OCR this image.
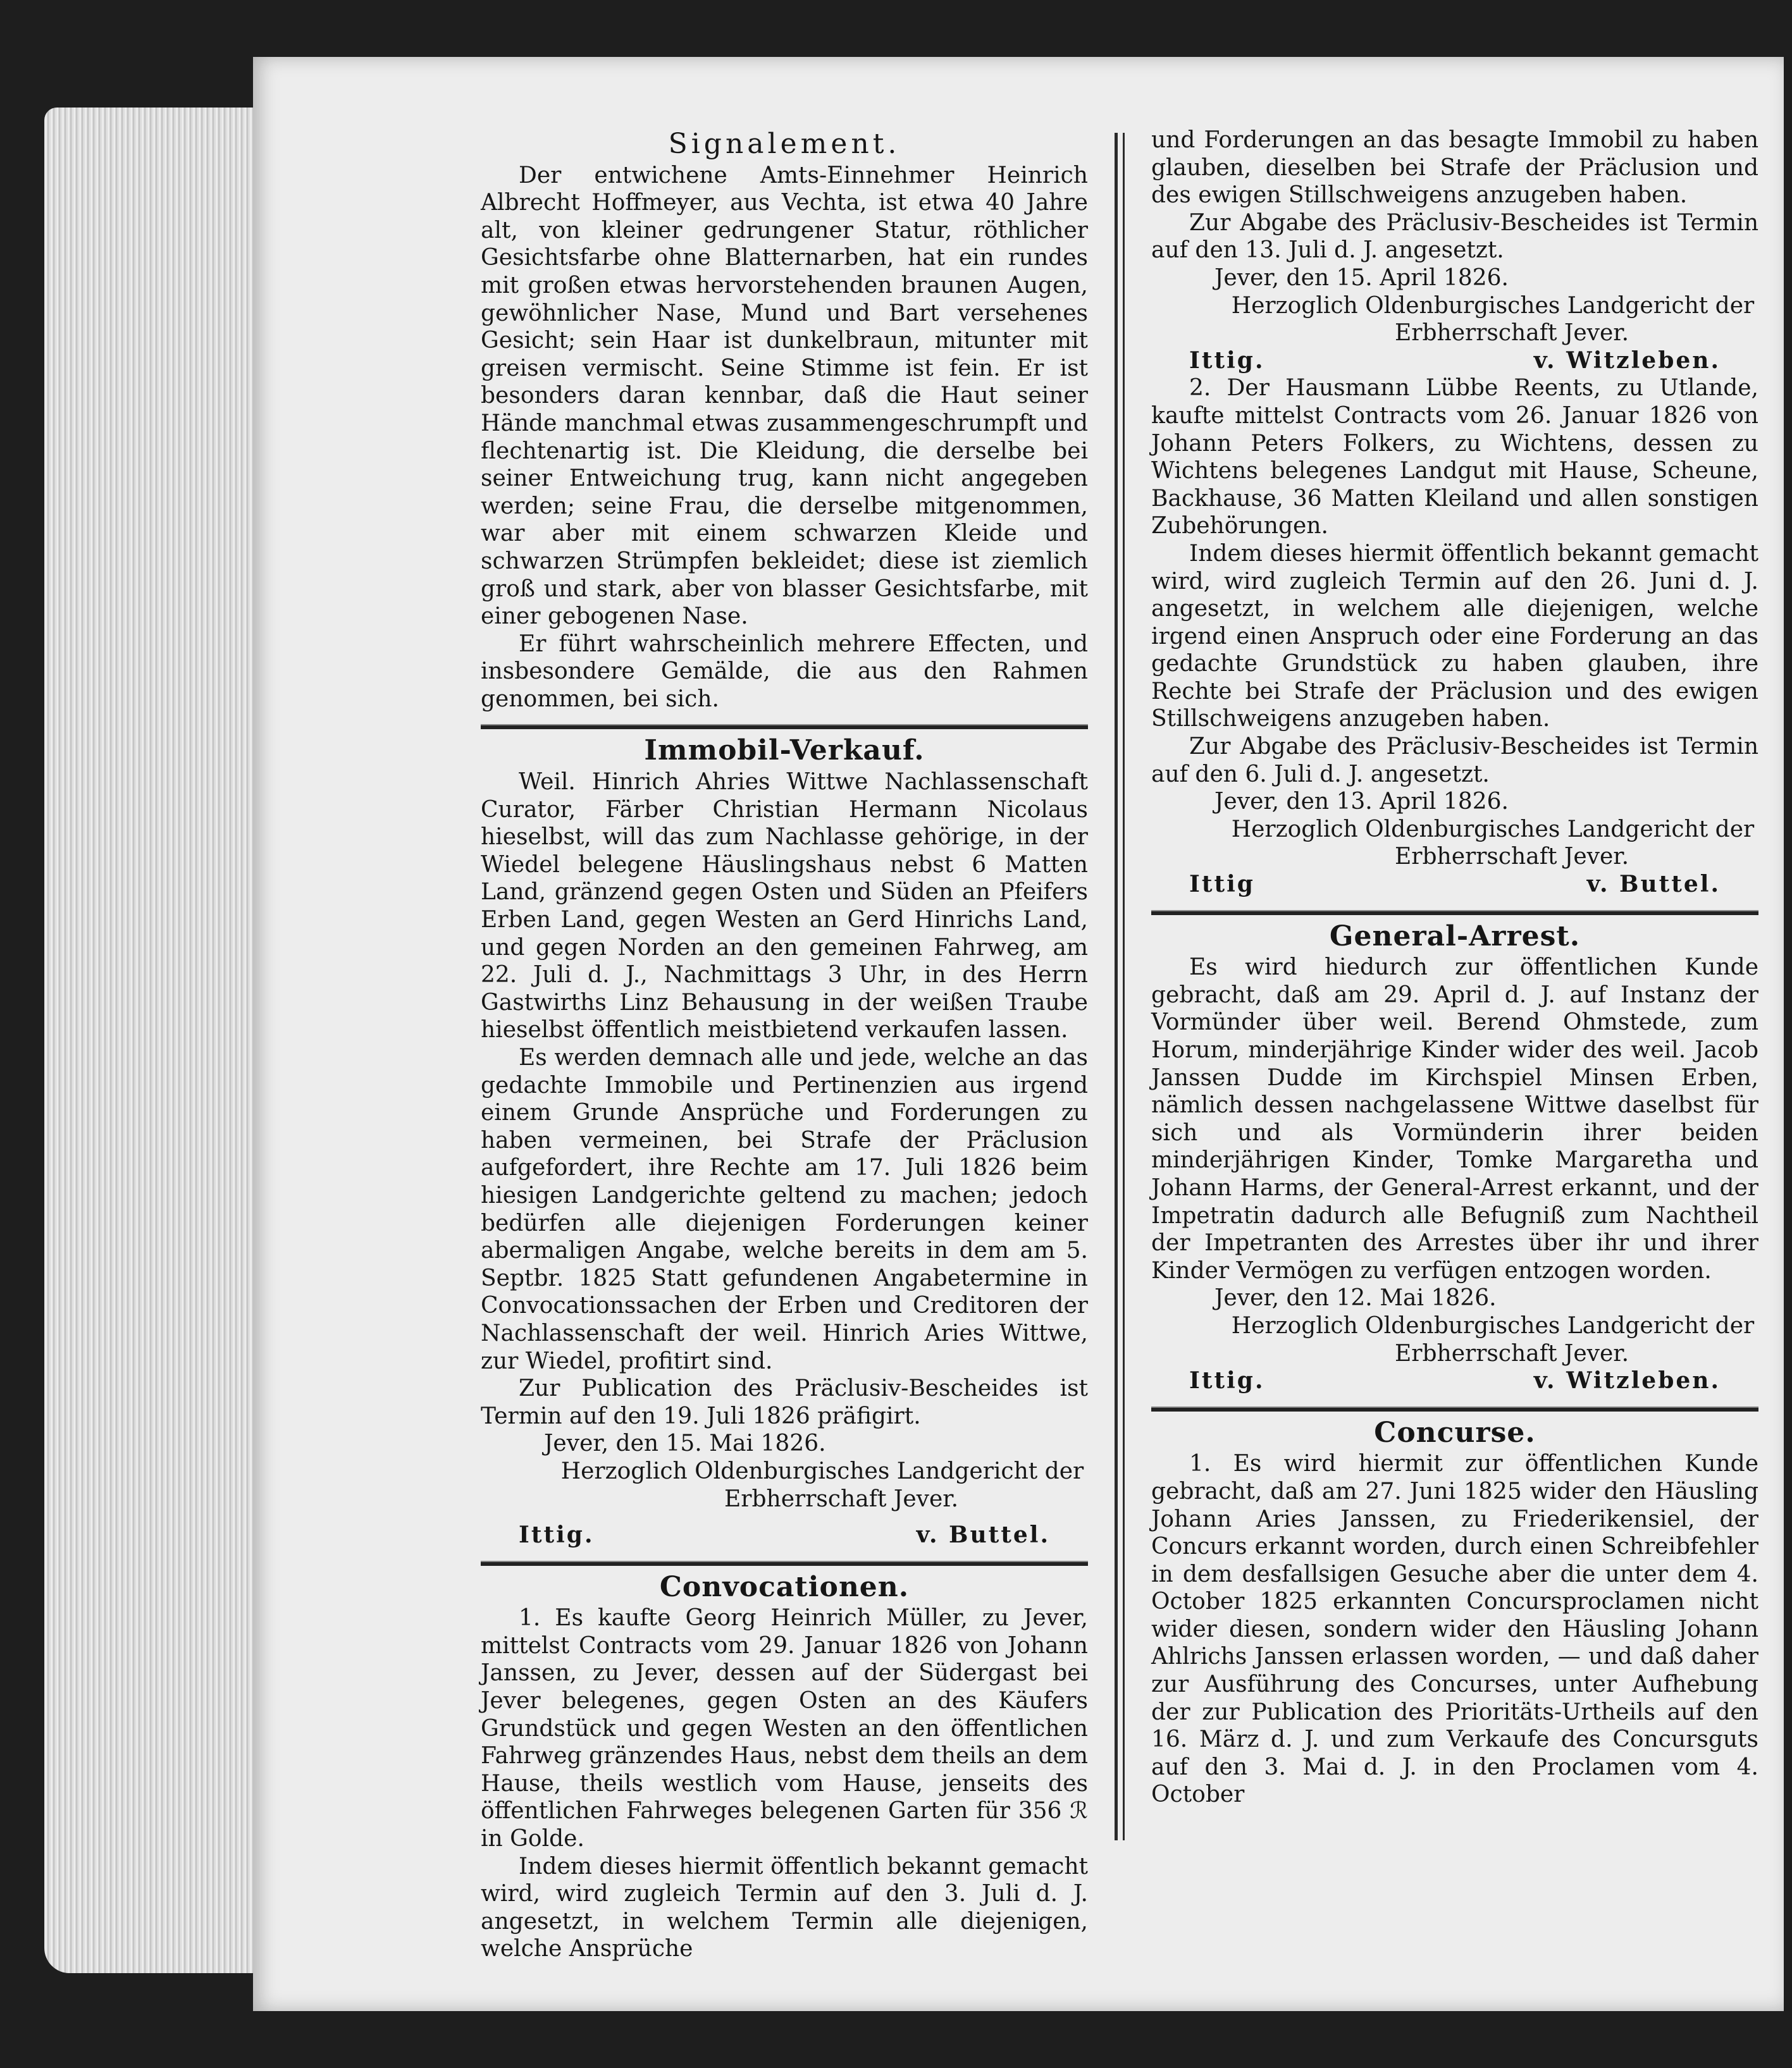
Signalement.

Der entwichene Amts-Einnehmer Heinrich Albrecht Hoffmeyer, aus Vechta, ist etwa 40 Jahre alt, von kleiner gedrungener Statur, röthlicher Gesichtsfarbe ohne Blatternarben, hat ein rundes mit großen etwas hervorstehenden braunen Augen, gewöhnlicher Nase, Mund und Bart versehenes Gesicht; sein Haar ist dunkelbraun, mitunter mit greisen vermischt. Seine Stimme ist fein. Er ist besonders daran kennbar, daß die Haut seiner Hände manchmal etwas zusammengeschrumpft und flechtenartig ist. Die Kleidung, die derselbe bei seiner Entweichung trug, kann nicht angegeben werden; seine Frau, die derselbe mitgenommen, war aber mit einem schwarzen Kleide und schwarzen Strümpfen bekleidet; diese ist ziemlich groß und stark, aber von blasser Gesichtsfarbe, mit einer gebogenen Nase.

Er führt wahrscheinlich mehrere Effecten, und insbesondere Gemälde, die aus den Rahmen genommen, bei sich.

Immobil-Verkauf.

Weil. Hinrich Ahries Wittwe Nachlassenschaft Curator, Färber Christian Hermann Nicolaus hieselbst, will das zum Nachlasse gehörige, in der Wiedel belegene Häuslingshaus nebst 6 Matten Land, gränzend gegen Osten und Süden an Pfeifers Erben Land, gegen Westen an Gerd Hinrichs Land, und gegen Norden an den gemeinen Fahrweg, am 22. Juli d. J., Nachmittags 3 Uhr, in des Herrn Gastwirths Linz Behausung in der weißen Traube hieselbst öffentlich meistbietend verkaufen lassen.

Es werden demnach alle und jede, welche an das gedachte Immobile und Pertinenzien aus irgend einem Grunde Ansprüche und Forderungen zu haben vermeinen, bei Strafe der Präclusion aufgefordert, ihre Rechte am 17. Juli 1826 beim hiesigen Landgerichte geltend zu machen; jedoch bedürfen alle diejenigen Forderungen keiner abermaligen Angabe, welche bereits in dem am 5. Septbr. 1825 Statt gefundenen Angabetermine in Convocationssachen der Erben und Creditoren der Nachlassenschaft der weil. Hinrich Aries Wittwe, zur Wiedel, profitirt sind.

Zur Publication des Präclusiv-Bescheides ist Termin auf den 19. Juli 1826 präfigirt.

Jever, den 15. Mai 1826.

Herzoglich Oldenburgisches Landgericht der
Erbherrschaft Jever.
Ittig.	v. Buttel.
Convocationen.

1. Es kaufte Georg Heinrich Müller, zu Jever, mittelst Contracts vom 29. Januar 1826 von Johann Janssen, zu Jever, dessen auf der Südergast bei Jever belegenes, gegen Osten an des Käufers Grundstück und gegen Westen an den öffentlichen Fahrweg gränzendes Haus, nebst dem theils an dem Hause, theils westlich vom Hause, jenseits des öffentlichen Fahrweges belegenen Garten für 356 ℛ in Golde.

Indem dieses hiermit öffentlich bekannt gemacht wird, wird zugleich Termin auf den 3. Juli d. J. angesetzt, in welchem Termin alle diejenigen, welche Ansprüche

und Forderungen an das besagte Immobil zu haben glauben, dieselben bei Strafe der Präclusion und des ewigen Stillschweigens anzugeben haben.

Zur Abgabe des Präclusiv-Bescheides ist Termin auf den 13. Juli d. J. angesetzt.

Jever, den 15. April 1826.

Herzoglich Oldenburgisches Landgericht der
Erbherrschaft Jever.
Ittig.	v. Witzleben.

2. Der Hausmann Lübbe Reents, zu Utlande, kaufte mittelst Contracts vom 26. Januar 1826 von Johann Peters Folkers, zu Wichtens, dessen zu Wichtens belegenes Landgut mit Hause, Scheune, Backhause, 36 Matten Kleiland und allen sonstigen Zubehörungen.

Indem dieses hiermit öffentlich bekannt gemacht wird, wird zugleich Termin auf den 26. Juni d. J. angesetzt, in welchem alle diejenigen, welche irgend einen Anspruch oder eine Forderung an das gedachte Grundstück zu haben glauben, ihre Rechte bei Strafe der Präclusion und des ewigen Stillschweigens anzugeben haben.

Zur Abgabe des Präclusiv-Bescheides ist Termin auf den 6. Juli d. J. angesetzt.

Jever, den 13. April 1826.

Herzoglich Oldenburgisches Landgericht der
Erbherrschaft Jever.
Ittig	v. Buttel.
General-Arrest.

Es wird hiedurch zur öffentlichen Kunde gebracht, daß am 29. April d. J. auf Instanz der Vormünder über weil. Berend Ohmstede, zum Horum, minderjährige Kinder wider des weil. Jacob Janssen Dudde im Kirchspiel Minsen Erben, nämlich dessen nachgelassene Wittwe daselbst für sich und als Vormünderin ihrer beiden minderjährigen Kinder, Tomke Margaretha und Johann Harms, der General-Arrest erkannt, und der Impetratin dadurch alle Befugniß zum Nachtheil der Impetranten des Arrestes über ihr und ihrer Kinder Vermögen zu verfügen entzogen worden.

Jever, den 12. Mai 1826.

Herzoglich Oldenburgisches Landgericht der
Erbherrschaft Jever.
Ittig.	v. Witzleben.
Concurse.

1. Es wird hiermit zur öffentlichen Kunde gebracht, daß am 27. Juni 1825 wider den Häusling Johann Aries Janssen, zu Friederikensiel, der Concurs erkannt worden, durch einen Schreibfehler in dem desfallsigen Gesuche aber die unter dem 4. October 1825 erkannten Concursproclamen nicht wider diesen, sondern wider den Häusling Johann Ahlrichs Janssen erlassen worden, — und daß daher zur Ausführung des Concurses, unter Aufhebung der zur Publication des Prioritäts-Urtheils auf den 16. März d. J. und zum Verkaufe des Concursguts auf den 3. Mai d. J. in den Proclamen vom 4. October
